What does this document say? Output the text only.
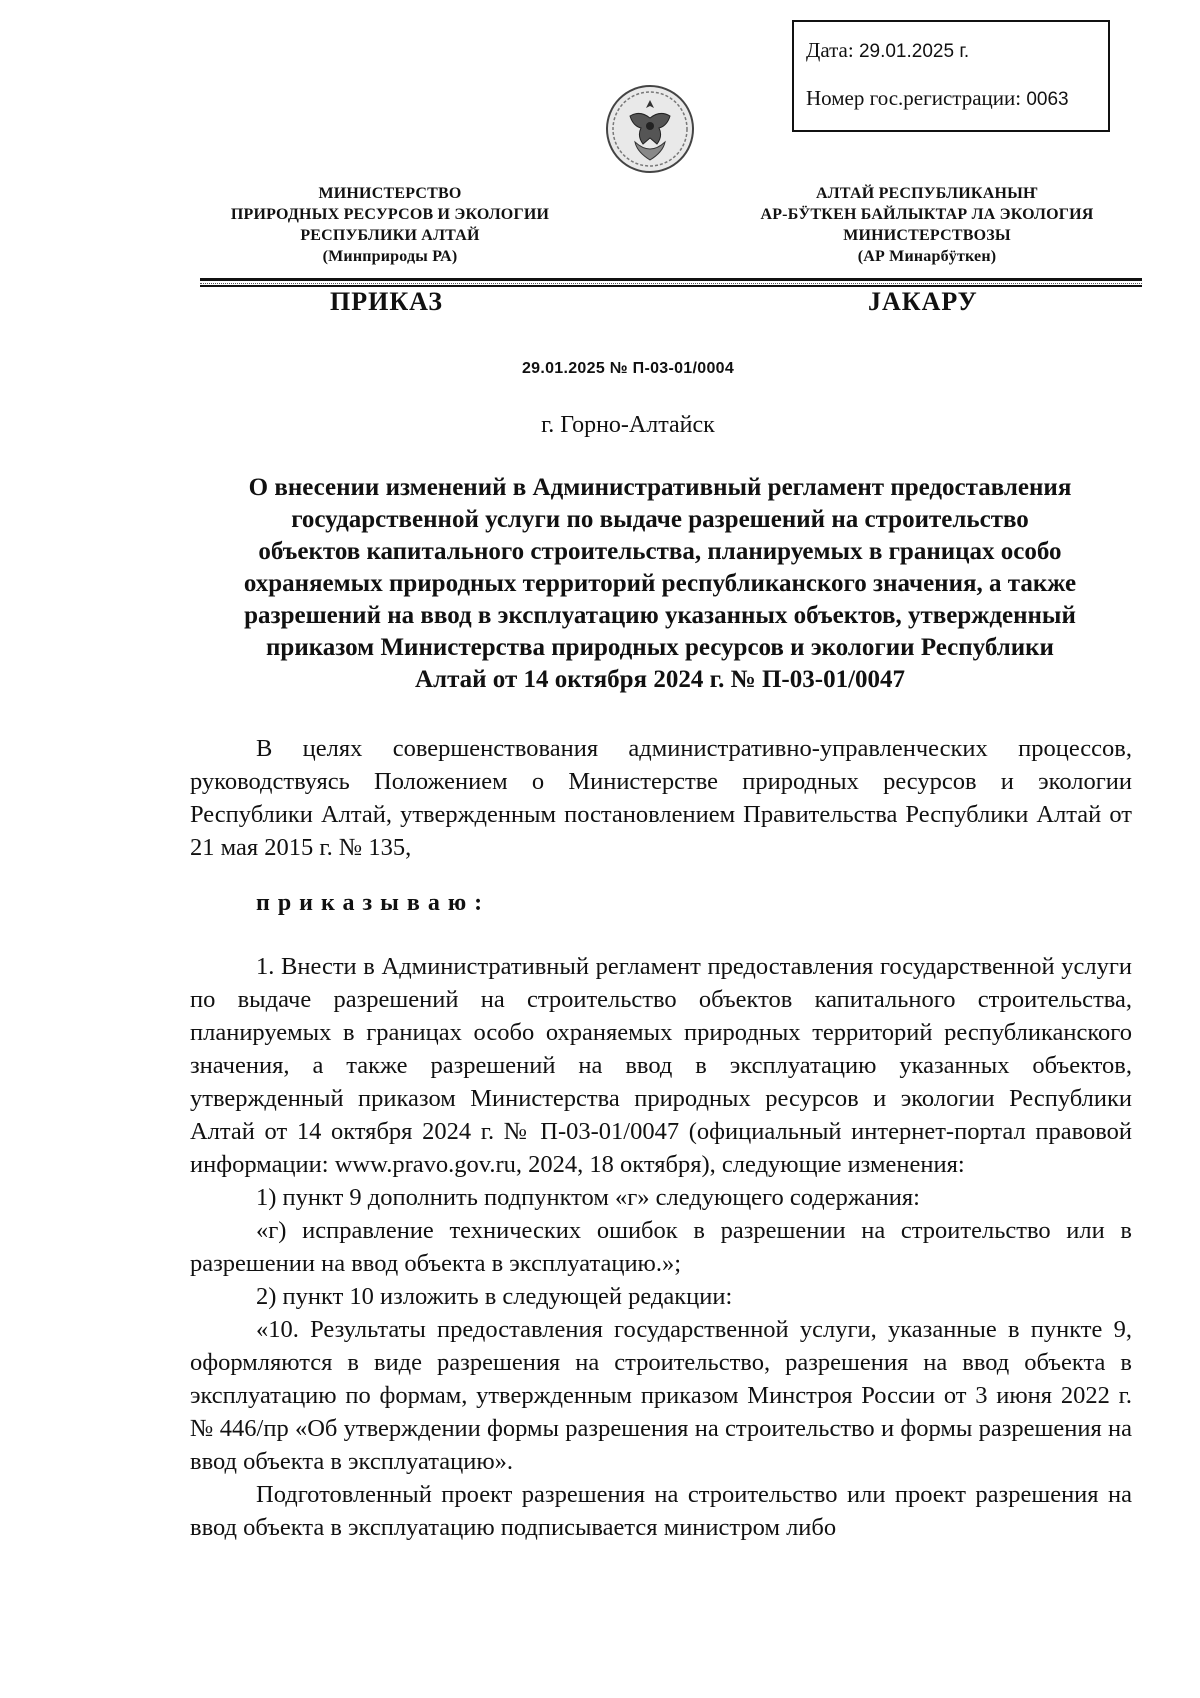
Дата: 29.01.2025 г.
Номер гос.регистрации: 0063
МИНИСТЕРСТВО
ПРИРОДНЫХ РЕСУРСОВ И ЭКОЛОГИИ
РЕСПУБЛИКИ АЛТАЙ
(Минприроды РА)
АЛТАЙ РЕСПУБЛИКАНЫҤ
АР-БӰТКЕН БАЙЛЫКТАР ЛА ЭКОЛОГИЯ
МИНИСТЕРСТВОЗЫ
(АР Минарбӱткен)
ПРИКАЗ	JАКАРУ
29.01.2025 № П-03-01/0004
г. Горно-Алтайск
О внесении изменений в Административный регламент предоставления
государственной услуги по выдаче разрешений на строительство
объектов капитального строительства, планируемых в границах особо
охраняемых природных территорий республиканского значения, а также
разрешений на ввод в эксплуатацию указанных объектов, утвержденный
приказом Министерства природных ресурсов и экологии Республики
Алтай от 14 октября 2024 г. № П-03-01/0047

В целях совершенствования административно-управленческих процессов, руководствуясь Положением о Министерстве природных ресурсов и экологии Республики Алтай, утвержденным постановлением Правительства Республики Алтай от 21 мая 2015 г. № 135,

приказываю:

1. Внести в Административный регламент предоставления государственной услуги по выдаче разрешений на строительство объектов капитального строительства, планируемых в границах особо охраняемых природных территорий республиканского значения, а также разрешений на ввод в эксплуатацию указанных объектов, утвержденный приказом Министерства природных ресурсов и экологии Республики Алтай от 14 октября 2024 г. № П-03-01/0047 (официальный интернет-портал правовой информации: www.pravo.gov.ru, 2024, 18 октября), следующие изменения:

1) пункт 9 дополнить подпунктом «г» следующего содержания:

«г) исправление технических ошибок в разрешении на строительство или в разрешении на ввод объекта в эксплуатацию.»;

2) пункт 10 изложить в следующей редакции:

«10. Результаты предоставления государственной услуги, указанные в пункте 9, оформляются в виде разрешения на строительство, разрешения на ввод объекта в эксплуатацию по формам, утвержденным приказом Минстроя России от 3 июня 2022 г. № 446/пр «Об утверждении формы разрешения на строительство и формы разрешения на ввод объекта в эксплуатацию».

Подготовленный проект разрешения на строительство или проект разрешения на ввод объекта в эксплуатацию подписывается министром либо
